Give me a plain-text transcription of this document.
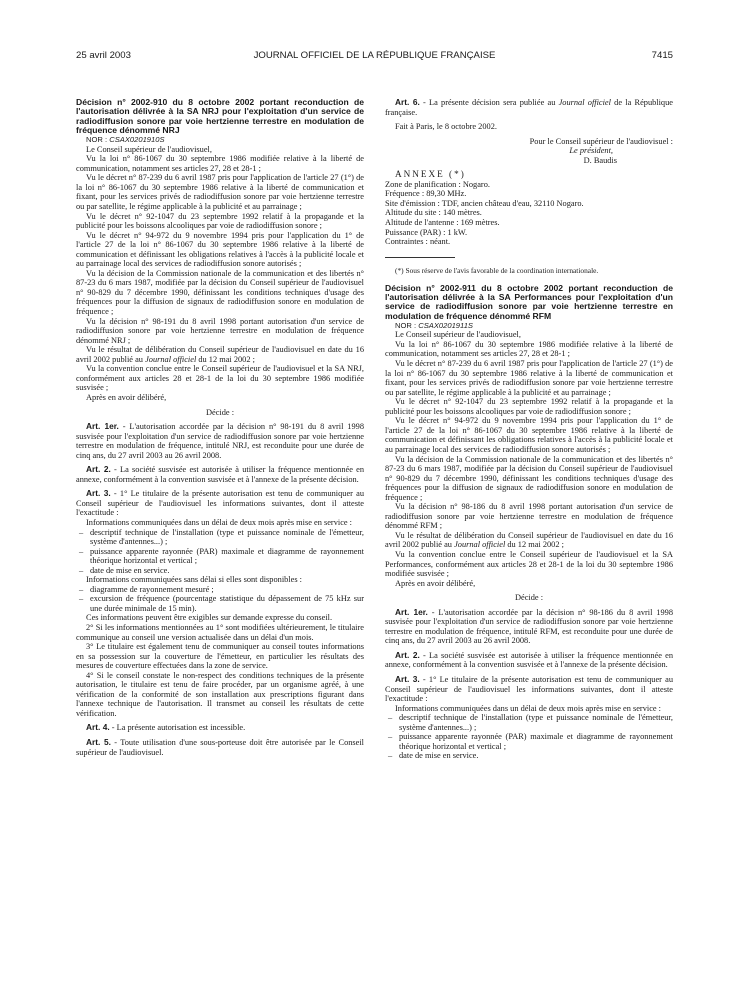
25 avril 2003	JOURNAL OFFICIEL DE LA RÉPUBLIQUE FRANÇAISE	7415

Décision n° 2002-910 du 8 octobre 2002 portant reconduction de l'autorisation délivrée à la SA NRJ pour l'exploitation d'un service de radiodiffusion sonore par voie hertzienne terrestre en modulation de fréquence dénommé NRJ

NOR : CSAX0201910S

Le Conseil supérieur de l'audiovisuel,

Vu la loi n° 86-1067 du 30 septembre 1986 modifiée relative à la liberté de communication, notamment ses articles 27, 28 et 28-1 ;

Vu le décret n° 87-239 du 6 avril 1987 pris pour l'application de l'article 27 (1°) de la loi n° 86-1067 du 30 septembre 1986 relative à la liberté de communication et fixant, pour les services privés de radiodiffusion sonore par voie hertzienne terrestre ou par satellite, le régime applicable à la publicité et au parrainage ;

Vu le décret n° 92-1047 du 23 septembre 1992 relatif à la propagande et la publicité pour les boissons alcooliques par voie de radiodiffusion sonore ;

Vu le décret n° 94-972 du 9 novembre 1994 pris pour l'application du 1° de l'article 27 de la loi n° 86-1067 du 30 septembre 1986 relative à la liberté de communication et définissant les obligations relatives à l'accès à la publicité locale et au parrainage local des services de radiodiffusion sonore autorisés ;

Vu la décision de la Commission nationale de la communication et des libertés n° 87-23 du 6 mars 1987, modifiée par la décision du Conseil supérieur de l'audiovisuel n° 90-829 du 7 décembre 1990, définissant les conditions techniques d'usage des fréquences pour la diffusion de signaux de radiodiffusion sonore en modulation de fréquence ;

Vu la décision n° 98-191 du 8 avril 1998 portant autorisation d'un service de radiodiffusion sonore par voie hertzienne terrestre en modulation de fréquence dénommé NRJ ;

Vu le résultat de délibération du Conseil supérieur de l'audiovisuel en date du 16 avril 2002 publié au Journal officiel du 12 mai 2002 ;

Vu la convention conclue entre le Conseil supérieur de l'audiovisuel et la SA NRJ, conformément aux articles 28 et 28-1 de la loi du 30 septembre 1986 modifiée susvisée ;

Après en avoir délibéré,

Décide :

Art. 1er. - L'autorisation accordée par la décision n° 98-191 du 8 avril 1998 susvisée pour l'exploitation d'un service de radiodiffusion sonore par voie hertzienne terrestre en modulation de fréquence, intitulé NRJ, est reconduite pour une durée de cinq ans, du 27 avril 2003 au 26 avril 2008.

Art. 2. - La société susvisée est autorisée à utiliser la fréquence mentionnée en annexe, conformément à la convention susvisée et à l'annexe de la présente décision.

Art. 3. - 1° Le titulaire de la présente autorisation est tenu de communiquer au Conseil supérieur de l'audiovisuel les informations suivantes, dont il atteste l'exactitude :

Informations communiquées dans un délai de deux mois après mise en service :

– descriptif technique de l'installation (type et puissance nominale de l'émetteur, système d'antennes...) ;

– puissance apparente rayonnée (PAR) maximale et diagramme de rayonnement théorique horizontal et vertical ;

– date de mise en service.

Informations communiquées sans délai si elles sont disponibles :

– diagramme de rayonnement mesuré ;

– excursion de fréquence (pourcentage statistique du dépassement de 75 kHz sur une durée minimale de 15 min).

Ces informations peuvent être exigibles sur demande expresse du conseil.

2° Si les informations mentionnées au 1° sont modifiées ultérieurement, le titulaire communique au conseil une version actualisée dans un délai d'un mois.

3° Le titulaire est également tenu de communiquer au conseil toutes informations en sa possession sur la couverture de l'émetteur, en particulier les résultats des mesures de couverture effectuées dans la zone de service.

4° Si le conseil constate le non-respect des conditions techniques de la présente autorisation, le titulaire est tenu de faire procéder, par un organisme agréé, à une vérification de la conformité de son installation aux prescriptions figurant dans l'annexe technique de l'autorisation. Il transmet au conseil les résultats de cette vérification.

Art. 4. - La présente autorisation est incessible.

Art. 5. - Toute utilisation d'une sous-porteuse doit être autorisée par le Conseil supérieur de l'audiovisuel.

Art. 6. - La présente décision sera publiée au Journal officiel de la République française.

Fait à Paris, le 8 octobre 2002.

Pour le Conseil supérieur de l'audiovisuel :

Le président,

D. Baudis

ANNEXE (*)

Zone de planification : Nogaro.

Fréquence : 89,30 MHz.

Site d'émission : TDF, ancien château d'eau, 32110 Nogaro.

Altitude du site : 140 mètres.

Altitude de l'antenne : 169 mètres.

Puissance (PAR) : 1 kW.

Contraintes : néant.

(*) Sous réserve de l'avis favorable de la coordination internationale.

Décision n° 2002-911 du 8 octobre 2002 portant reconduction de l'autorisation délivrée à la SA Performances pour l'exploitation d'un service de radiodiffusion sonore par voie hertzienne terrestre en modulation de fréquence dénommé RFM

NOR : CSAX0201911S

Le Conseil supérieur de l'audiovisuel,

Vu la loi n° 86-1067 du 30 septembre 1986 modifiée relative à la liberté de communication, notamment ses articles 27, 28 et 28-1 ;

Vu le décret n° 87-239 du 6 avril 1987 pris pour l'application de l'article 27 (1°) de la loi n° 86-1067 du 30 septembre 1986 relative à la liberté de communication et fixant, pour les services privés de radiodiffusion sonore par voie hertzienne terrestre ou par satellite, le régime applicable à la publicité et au parrainage ;

Vu le décret n° 92-1047 du 23 septembre 1992 relatif à la propagande et la publicité pour les boissons alcooliques par voie de radiodiffusion sonore ;

Vu le décret n° 94-972 du 9 novembre 1994 pris pour l'application du 1° de l'article 27 de la loi n° 86-1067 du 30 septembre 1986 relative à la liberté de communication et définissant les obligations relatives à l'accès à la publicité locale et au parrainage local des services de radiodiffusion sonore autorisés ;

Vu la décision de la Commission nationale de la communication et des libertés n° 87-23 du 6 mars 1987, modifiée par la décision du Conseil supérieur de l'audiovisuel n° 90-829 du 7 décembre 1990, définissant les conditions techniques d'usage des fréquences pour la diffusion de signaux de radiodiffusion sonore en modulation de fréquence ;

Vu la décision n° 98-186 du 8 avril 1998 portant autorisation d'un service de radiodiffusion sonore par voie hertzienne terrestre en modulation de fréquence dénommé RFM ;

Vu le résultat de délibération du Conseil supérieur de l'audiovisuel en date du 16 avril 2002 publié au Journal officiel du 12 mai 2002 ;

Vu la convention conclue entre le Conseil supérieur de l'audiovisuel et la SA Performances, conformément aux articles 28 et 28-1 de la loi du 30 septembre 1986 modifiée susvisée ;

Après en avoir délibéré,

Décide :

Art. 1er. - L'autorisation accordée par la décision n° 98-186 du 8 avril 1998 susvisée pour l'exploitation d'un service de radiodiffusion sonore par voie hertzienne terrestre en modulation de fréquence, intitulé RFM, est reconduite pour une durée de cinq ans, du 27 avril 2003 au 26 avril 2008.

Art. 2. - La société susvisée est autorisée à utiliser la fréquence mentionnée en annexe, conformément à la convention susvisée et à l'annexe de la présente décision.

Art. 3. - 1° Le titulaire de la présente autorisation est tenu de communiquer au Conseil supérieur de l'audiovisuel les informations suivantes, dont il atteste l'exactitude :

Informations communiquées dans un délai de deux mois après mise en service :

– descriptif technique de l'installation (type et puissance nominale de l'émetteur, système d'antennes...) ;

– puissance apparente rayonnée (PAR) maximale et diagramme de rayonnement théorique horizontal et vertical ;

– date de mise en service.
